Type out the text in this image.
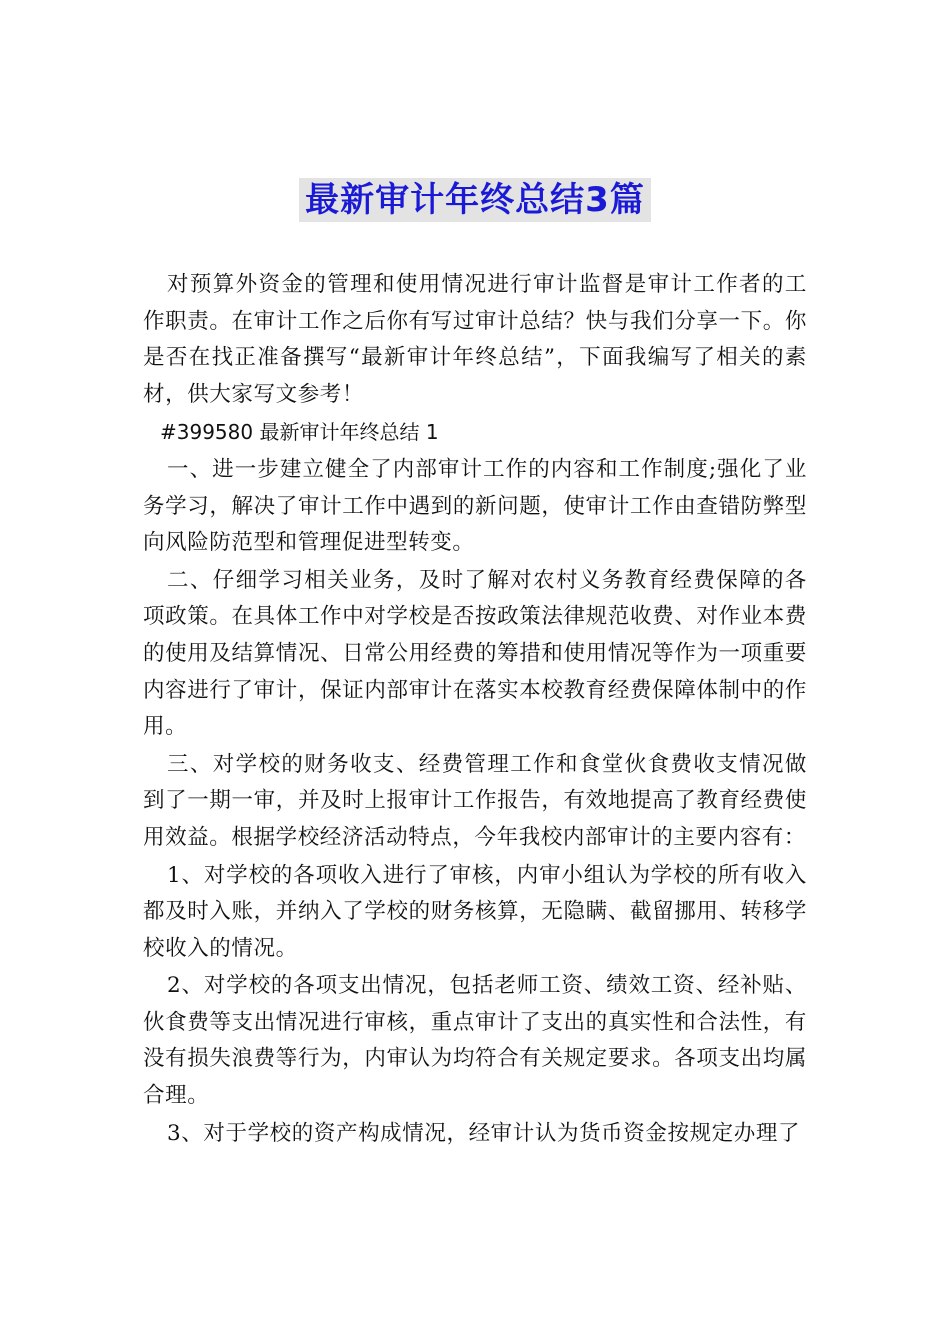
最新审计年终总结3篇

对预算外资金的管理和使用情况进行审计监督是审计工作者的工作职责。在审计工作之后你有写过审计总结？快与我们分享一下。你是否在找正准备撰写“最新审计年终总结”，下面我编写了相关的素材，供大家写文参考！

#399580 最新审计年终总结 1

一、进一步建立健全了内部审计工作的内容和工作制度;强化了业务学习，解决了审计工作中遇到的新问题，使审计工作由查错防弊型向风险防范型和管理促进型转变。

二、仔细学习相关业务，及时了解对农村义务教育经费保障的各项政策。在具体工作中对学校是否按政策法律规范收费、对作业本费的使用及结算情况、日常公用经费的筹措和使用情况等作为一项重要内容进行了审计，保证内部审计在落实本校教育经费保障体制中的作用。

三、对学校的财务收支、经费管理工作和食堂伙食费收支情况做到了一期一审，并及时上报审计工作报告，有效地提高了教育经费使用效益。根据学校经济活动特点，今年我校内部审计的主要内容有：

1、对学校的各项收入进行了审核，内审小组认为学校的所有收入都及时入账，并纳入了学校的财务核算，无隐瞒、截留挪用、转移学校收入的情况。

2、对学校的各项支出情况，包括老师工资、绩效工资、经补贴、伙食费等支出情况进行审核，重点审计了支出的真实性和合法性，有没有损失浪费等行为，内审认为均符合有关规定要求。各项支出均属合理。

3、对于学校的资产构成情况，经审计认为货币资金按规定办理了
